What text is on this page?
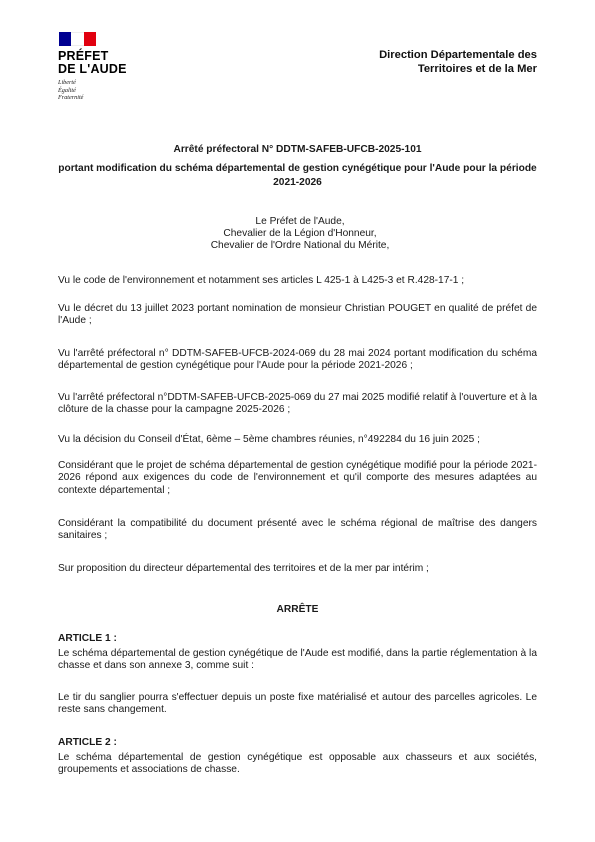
PRÉFET
DE L'AUDE
Liberté
Égalité
Fraternité
Direction Départementale des
Territoires et de la Mer
Arrêté préfectoral N° DDTM-SAFEB-UFCB-2025-101
portant modification du schéma départemental de gestion cynégétique pour l'Aude pour la période 2021-2026
Le Préfet de l'Aude,
Chevalier de la Légion d'Honneur,
Chevalier de l'Ordre National du Mérite,

Vu le code de l'environnement et notamment ses articles L 425-1 à L425-3 et R.428-17-1 ;

Vu le décret du 13 juillet 2023 portant nomination de monsieur Christian POUGET en qualité de préfet de l'Aude ;

Vu l'arrêté préfectoral n° DDTM-SAFEB-UFCB-2024-069 du 28 mai 2024 portant modification du schéma départemental de gestion cynégétique pour l'Aude pour la période 2021-2026 ;

Vu l'arrêté préfectoral n°DDTM-SAFEB-UFCB-2025-069 du 27 mai 2025 modifié relatif à l'ouverture et à la clôture de la chasse pour la campagne 2025-2026 ;

Vu la décision du Conseil d'État, 6ème – 5ème chambres réunies, n°492284 du 16 juin 2025 ;

Considérant que le projet de schéma départemental de gestion cynégétique modifié pour la période 2021-2026 répond aux exigences du code de l'environnement et qu'il comporte des mesures adaptées au contexte départemental ;

Considérant la compatibilité du document présenté avec le schéma régional de maîtrise des dangers sanitaires ;

Sur proposition du directeur départemental des territoires et de la mer par intérim ;

ARRÊTE
ARTICLE 1 :

Le schéma départemental de gestion cynégétique de l'Aude est modifié, dans la partie réglementation à la chasse et dans son annexe 3, comme suit :

Le tir du sanglier pourra s'effectuer depuis un poste fixe matérialisé et autour des parcelles agricoles. Le reste sans changement.

ARTICLE 2 :

Le schéma départemental de gestion cynégétique est opposable aux chasseurs et aux sociétés, groupements et associations de chasse.
